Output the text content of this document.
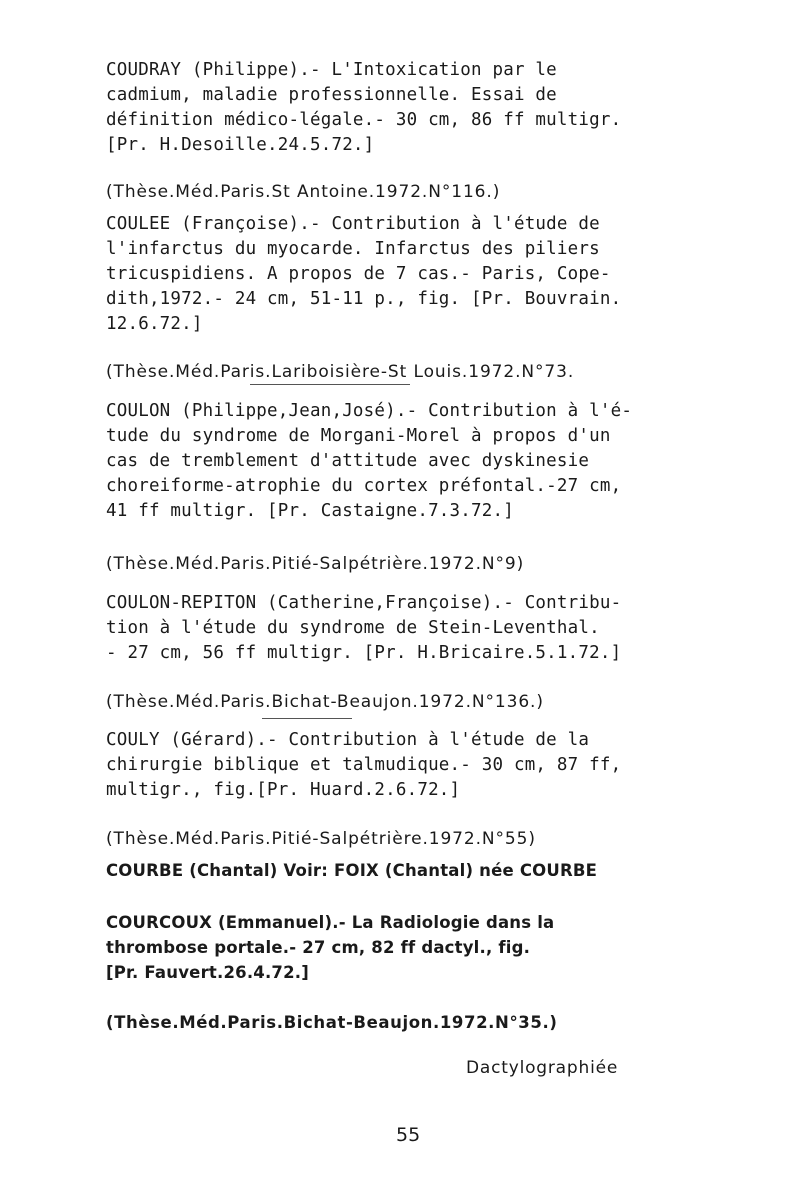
COUDRAY (Philippe).- L'Intoxication par le
cadmium, maladie professionnelle. Essai de
définition médico-légale.- 30 cm, 86 ff multigr.
[Pr. H.Desoille.24.5.72.]
(Thèse.Méd.Paris.St Antoine.1972.N°116.)
COULEE (Françoise).- Contribution à l'étude de
l'infarctus du myocarde. Infarctus des piliers
tricuspidiens. A propos de 7 cas.- Paris, Cope-
dith,1972.- 24 cm, 51-11 p., fig. [Pr. Bouvrain.
12.6.72.]
(Thèse.Méd.Paris.Lariboisière-St Louis.1972.N°73.
COULON (Philippe,Jean,José).- Contribution à l'é-
tude du syndrome de Morgani-Morel à propos d'un
cas de tremblement d'attitude avec dyskinesie
choreiforme-atrophie du cortex préfontal.-27 cm,
41 ff multigr. [Pr. Castaigne.7.3.72.]
(Thèse.Méd.Paris.Pitié-Salpétrière.1972.N°9)
COULON-REPITON (Catherine,Françoise).- Contribu-
tion à l'étude du syndrome de Stein-Leventhal.
- 27 cm, 56 ff multigr. [Pr. H.Bricaire.5.1.72.]
(Thèse.Méd.Paris.Bichat-Beaujon.1972.N°136.)
COULY (Gérard).- Contribution à l'étude de la
chirurgie biblique et talmudique.- 30 cm, 87 ff,
multigr., fig.[Pr. Huard.2.6.72.]
(Thèse.Méd.Paris.Pitié-Salpétrière.1972.N°55)
COURBE (Chantal) Voir: FOIX (Chantal) née COURBE
COURCOUX (Emmanuel).- La Radiologie dans la
thrombose portale.- 27 cm, 82 ff dactyl., fig.
[Pr. Fauvert.26.4.72.]
(Thèse.Méd.Paris.Bichat-Beaujon.1972.N°35.)
Dactylographiée
55
